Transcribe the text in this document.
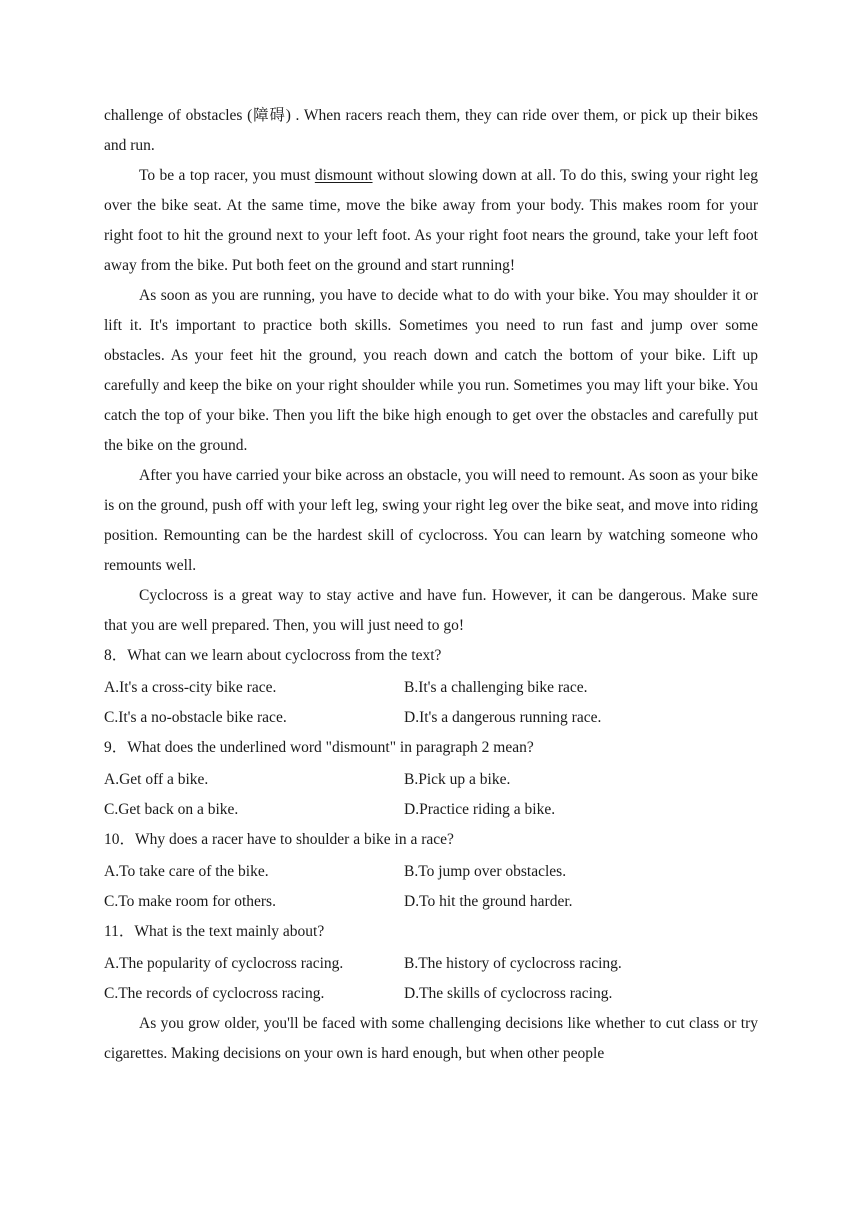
challenge of obstacles (障碍) . When racers reach them, they can ride over them, or pick up their bikes and run.

To be a top racer, you must dismount without slowing down at all. To do this, swing your right leg over the bike seat. At the same time, move the bike away from your body. This makes room for your right foot to hit the ground next to your left foot. As your right foot nears the ground, take your left foot away from the bike. Put both feet on the ground and start running!

As soon as you are running, you have to decide what to do with your bike. You may shoulder it or lift it. It's important to practice both skills. Sometimes you need to run fast and jump over some obstacles. As your feet hit the ground, you reach down and catch the bottom of your bike. Lift up carefully and keep the bike on your right shoulder while you run. Sometimes you may lift your bike. You catch the top of your bike. Then you lift the bike high enough to get over the obstacles and carefully put the bike on the ground.

After you have carried your bike across an obstacle, you will need to remount. As soon as your bike is on the ground, push off with your left leg, swing your right leg over the bike seat, and move into riding position. Remounting can be the hardest skill of cyclocross. You can learn by watching someone who remounts well.

Cyclocross is a great way to stay active and have fun. However, it can be dangerous. Make sure that you are well prepared. Then, you will just need to go!

8．What can we learn about cyclocross from the text?

A.It's a cross-city bike race.	B.It's a challenging bike race.
C.It's a no-obstacle bike race.	D.It's a dangerous running race.

9．What does the underlined word "dismount" in paragraph 2 mean?

A.Get off a bike.	B.Pick up a bike.
C.Get back on a bike.	D.Practice riding a bike.

10．Why does a racer have to shoulder a bike in a race?

A.To take care of the bike.	B.To jump over obstacles.
C.To make room for others.	D.To hit the ground harder.

11．What is the text mainly about?

A.The popularity of cyclocross racing.	B.The history of cyclocross racing.
C.The records of cyclocross racing.	D.The skills of cyclocross racing.

As you grow older, you'll be faced with some challenging decisions like whether to cut class or try cigarettes. Making decisions on your own is hard enough, but when other people
